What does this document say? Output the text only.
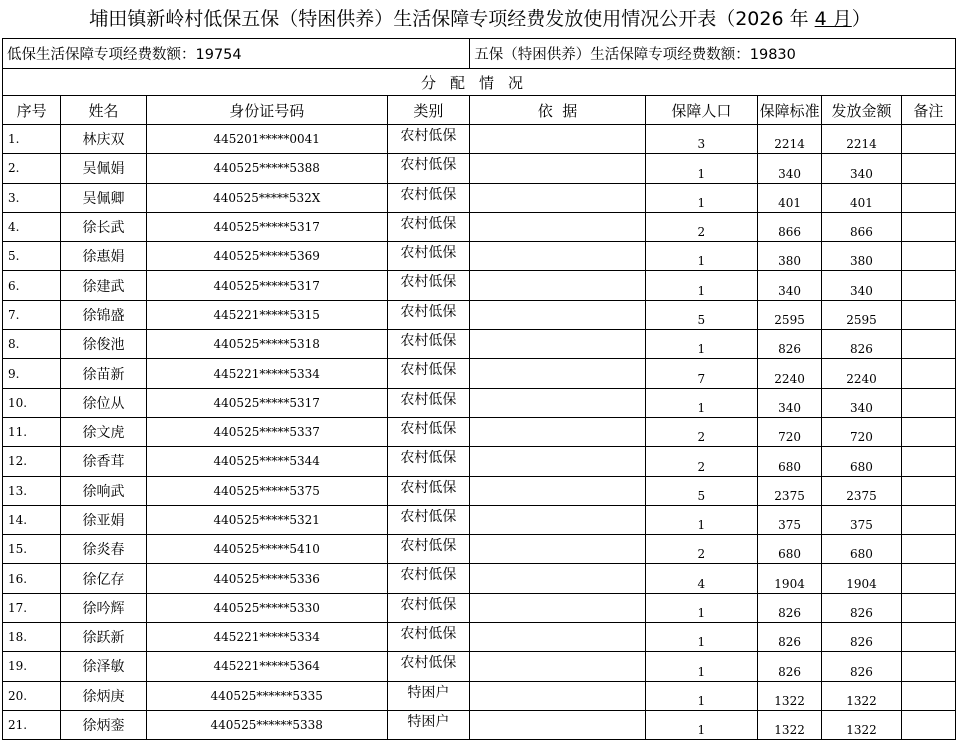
埔田镇新岭村低保五保（特困供养）生活保障专项经费发放使用情况公开表（2026 年 4 月）
低保生活保障专项经费数额：19754				五保（特困供养）生活保障专项经费数额：19830				
分配情况								
序号	姓名	身份证号码	类别	依  据	保障人口	保障标准	发放金额	备注
1.	林庆双	445201*****0041	农村低保		3	2214	2214	
2.	吴佩娟	440525*****5388	农村低保		1	340	340	
3.	吴佩卿	440525*****532X	农村低保		1	401	401	
4.	徐长武	440525*****5317	农村低保		2	866	866	
5.	徐惠娟	440525*****5369	农村低保		1	380	380	
6.	徐建武	440525*****5317	农村低保		1	340	340	
7.	徐锦盛	445221*****5315	农村低保		5	2595	2595	
8.	徐俊池	440525*****5318	农村低保		1	826	826	
9.	徐苗新	445221*****5334	农村低保		7	2240	2240	
10.	徐位从	440525*****5317	农村低保		1	340	340	
11.	徐文虎	440525*****5337	农村低保		2	720	720	
12.	徐香茸	440525*****5344	农村低保		2	680	680	
13.	徐响武	440525*****5375	农村低保		5	2375	2375	
14.	徐亚娟	440525*****5321	农村低保		1	375	375	
15.	徐炎春	440525*****5410	农村低保		2	680	680	
16.	徐亿存	440525*****5336	农村低保		4	1904	1904	
17.	徐吟辉	440525*****5330	农村低保		1	826	826	
18.	徐跃新	445221*****5334	农村低保		1	826	826	
19.	徐泽敏	445221*****5364	农村低保		1	826	826	
20.	徐炳庚	440525******5335	特困户		1	1322	1322	
21.	徐炳銮	440525******5338	特困户		1	1322	1322	
